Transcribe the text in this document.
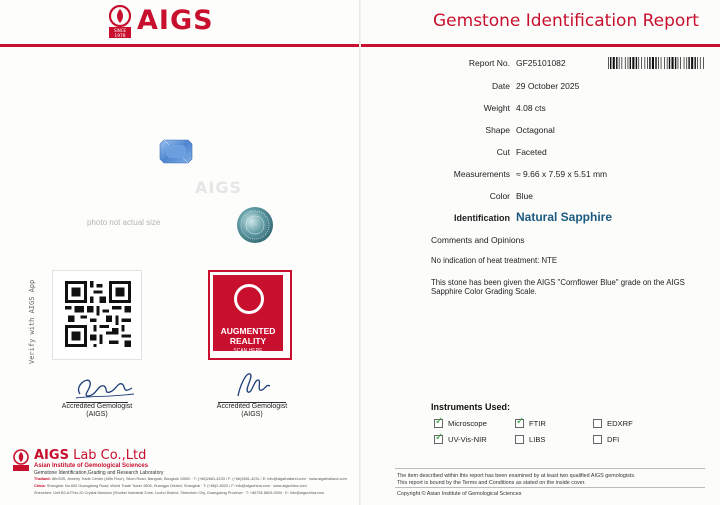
SINCE
1978
AIGS	Gemstone Identification Report
AIGS
photo not actual size
Verify with AIGS App	AUGMENTED
REALITY
SCAN HERE
Accredited Gemologist
(AIGS)
Accredited Gemologist
(AIGS)
AIGS Lab Co.,Ltd
Asian Institute of Gemological Sciences
Gemstone Identification,Grading and Research Laboratory
Thailand: 8th/92B, Jewelry Trade Center (48th Floor), Silom Road, Bangrak, Bangkok 10500 · T: (+66)2681-4233 / F: (+66)2681-4231 / E: info@aigsthailand.com · www.aigsthailand.com
China: Shanghai: No.600 Guangdong Road, World Trade Tower 2808, Huangpu District, Shanghai · T: (+86)2-8020 / F: info@aigschina.com · www.aigschina.com
Shenzhen: Unit B2-A P.No.20 Crystal Mansion (Shuibei Industrial Zone, Luohu District, Shenzhen City, Guangdong Province · T: +86755 8829-9394 · E: info@aigschina.com
Report No. GF25101082
Date 29 October 2025
Weight 4.08 cts
Shape Octagonal
Cut Faceted
Measurements ≈ 9.66 x 7.59 x 5.51 mm
Color Blue
Identification Natural Sapphire
Comments and Opinions
No indication of heat treatment: NTE
This stone has been given the AIGS "Cornflower Blue" grade on the AIGS Sapphire Color Grading Scale.
Instruments Used:
✓
Microscope
✓	FTIR	EDXRF
✓
UV-Vis-NIR	LIBS	DFI
The item described within this report has been examined by at least two qualified AIGS gemologists.
This report is bound by the Terms and Conditions as stated on the inside cover.
Copyright © Asian Institute of Gemological Sciences
